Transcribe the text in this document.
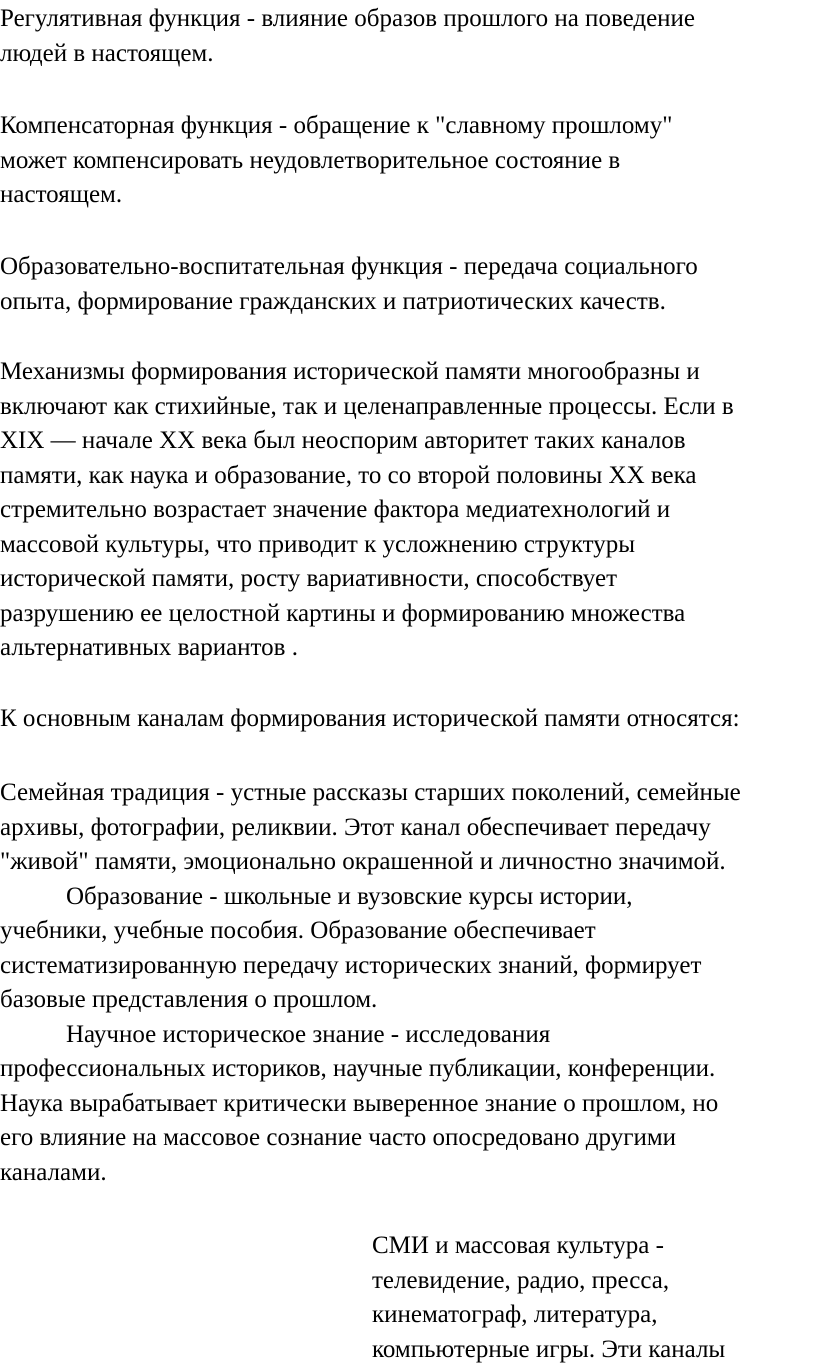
Регулятивная функция - влияние образов прошлого на поведение
людей в настоящем.
Компенсаторная функция - обращение к "славному прошлому"
может компенсировать неудовлетворительное состояние в
настоящем.
Образовательно-воспитательная функция - передача социального
опыта, формирование гражданских и патриотических качеств.
Механизмы формирования исторической памяти многообразны и
включают как стихийные, так и целенаправленные процессы. Если в
XIX — начале XX века был неоспорим авторитет таких каналов
памяти, как наука и образование, то со второй половины XX века
стремительно возрастает значение фактора медиатехнологий и
массовой культуры, что приводит к усложнению структуры
исторической памяти, росту вариативности, способствует
разрушению ее целостной картины и формированию множества
альтернативных вариантов .
К основным каналам формирования исторической памяти относятся:
Семейная традиция - устные рассказы старших поколений, семейные
архивы, фотографии, реликвии. Этот канал обеспечивает передачу
"живой" памяти, эмоционально окрашенной и личностно значимой.
Образование - школьные и вузовские курсы истории,
учебники, учебные пособия. Образование обеспечивает
систематизированную передачу исторических знаний, формирует
базовые представления о прошлом.
Научное историческое знание - исследования
профессиональных историков, научные публикации, конференции.
Наука вырабатывает критически выверенное знание о прошлом, но
его влияние на массовое сознание часто опосредовано другими
каналами.
СМИ и массовая культура -
телевидение, радио, пресса,
кинематограф, литература,
компьютерные игры. Эти каналы
